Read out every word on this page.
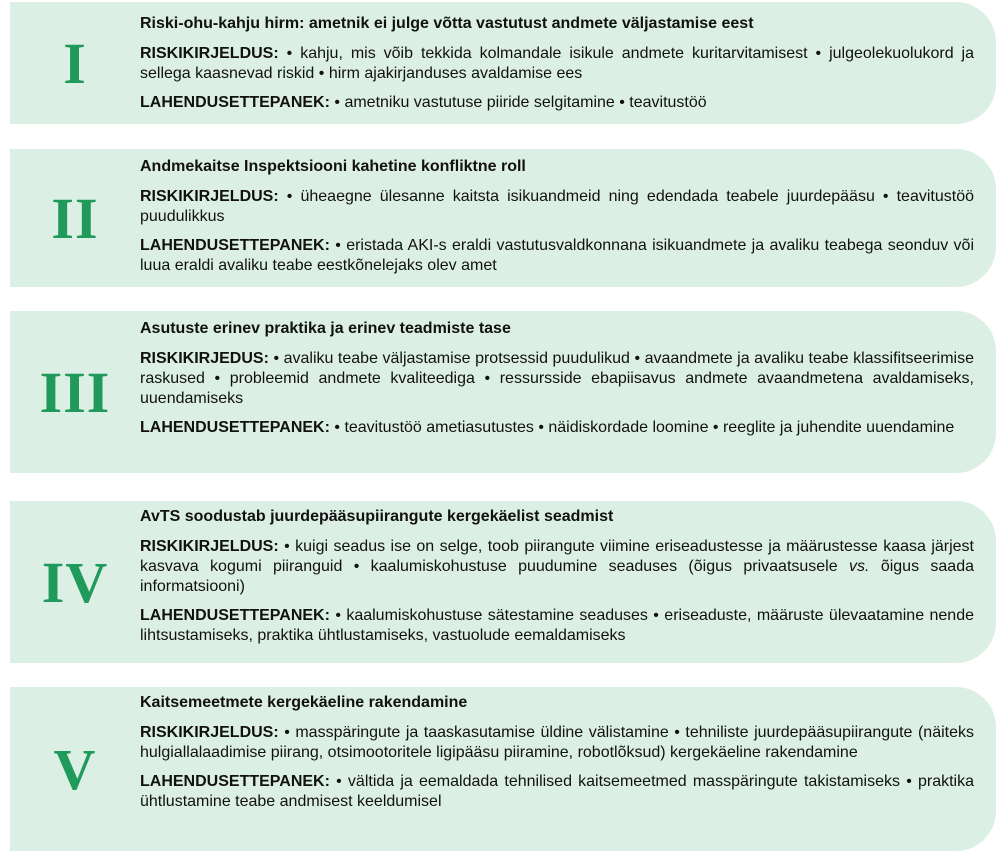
I
Riski-ohu-kahju hirm: ametnik ei julge võtta vastutust andmete väljastamise eest
RISKIKIRJELDUS: • kahju, mis võib tekkida kolmandale isikule andmete kuritarvitamisest • julgeolekuolukord ja sellega kaasnevad riskid • hirm ajakirjanduses avaldamise ees
LAHENDUSETTEPANEK: • ametniku vastutuse piiride selgitamine • teavitustöö
II
Andmekaitse Inspektsiooni kahetine konfliktne roll
RISKIKIRJELDUS: • üheaegne ülesanne kaitsta isikuandmeid ning edendada teabele juurdepääsu • teavitustöö puudulikkus
LAHENDUSETTEPANEK: • eristada AKI-s eraldi vastutusvaldkonnana isikuandmete ja avaliku teabega seonduv või luua eraldi avaliku teabe eestkõnelejaks olev amet
III
Asutuste erinev praktika ja erinev teadmiste tase
RISKIKIRJEDUS: • avaliku teabe väljastamise protsessid puudulikud • avaandmete ja avaliku teabe klassifitseerimise raskused • probleemid andmete kvaliteediga • ressursside ebapiisavus andmete avaandmetena avaldamiseks, uuendamiseks
LAHENDUSETTEPANEK: • teavitustöö ametiasutustes • näidiskordade loomine • reeglite ja juhendite uuendamine
IV
AvTS soodustab juurdepääsupiirangute kergekäelist seadmist
RISKIKIRJELDUS: • kuigi seadus ise on selge, toob piirangute viimine eriseadustesse ja määrustesse kaasa järjest kasvava kogumi piiranguid • kaalumiskohustuse puudumine seaduses (õigus privaatsusele vs. õigus saada informatsiooni)
LAHENDUSETTEPANEK: • kaalumiskohustuse sätestamine seaduses • eriseaduste, määruste ülevaatamine nende lihtsustamiseks, praktika ühtlustamiseks, vastuolude eemaldamiseks
V
Kaitsemeetmete kergekäeline rakendamine
RISKIKIRJELDUS: • masspäringute ja taaskasutamise üldine välistamine • tehniliste juurdepääsupiirangute (näiteks hulgiallalaadimise piirang, otsimootoritele ligipääsu piiramine, robotlõksud) kergekäeline rakendamine
LAHENDUSETTEPANEK: • vältida ja eemaldada tehnilised kaitsemeetmed masspäringute takistamiseks • praktika ühtlustamine teabe andmisest keeldumisel
